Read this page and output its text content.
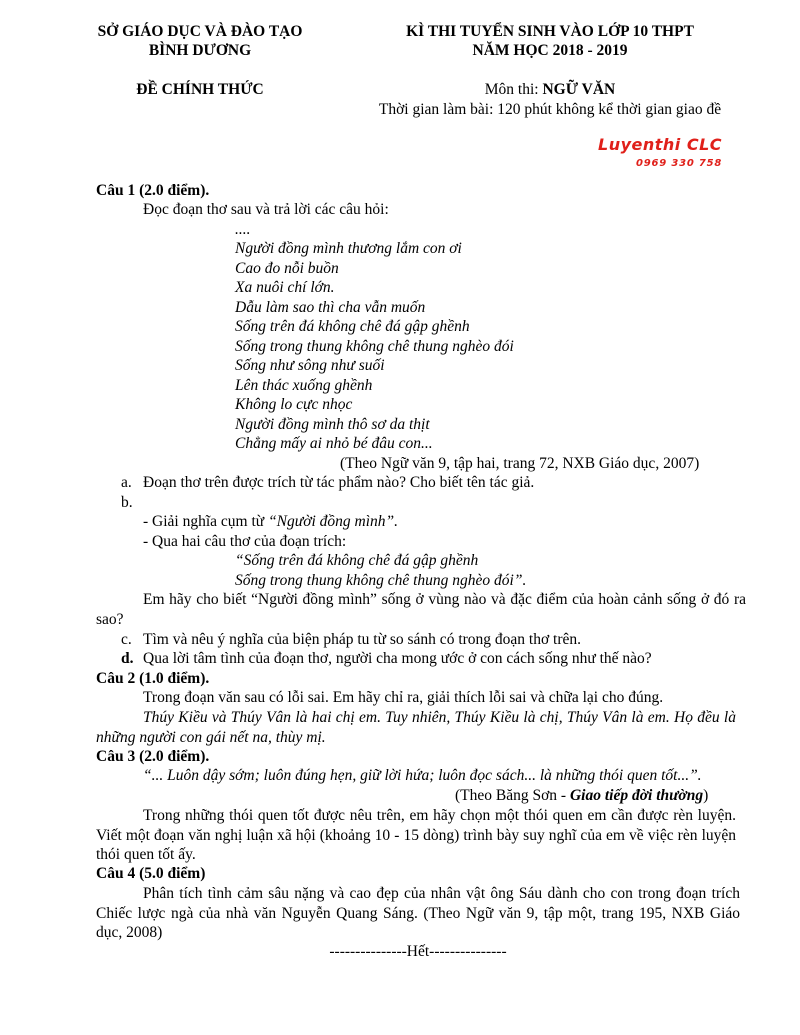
SỞ GIÁO DỤC VÀ ĐÀO TẠO
BÌNH DƯƠNG
KÌ THI TUYỂN SINH VÀO LỚP 10 THPT
NĂM HỌC 2018 - 2019
ĐỀ CHÍNH THỨC	Môn thi: NGỮ VĂN
Thời gian làm bài: 120 phút không kể thời gian giao đề
Luyenthi CLC
0969 330 758
Câu 1 (2.0 điểm).
Đọc đoạn thơ sau và trả lời các câu hỏi:
....
Người đồng mình thương lắm con ơi
Cao đo nỗi buồn
Xa nuôi chí lớn.
Dẫu làm sao thì cha vẫn muốn
Sống trên đá không chê đá gập ghềnh
Sống trong thung không chê thung nghèo đói
Sống như sông như suối
Lên thác xuống ghềnh
Không lo cực nhọc
Người đồng mình thô sơ da thịt
Chẳng mấy ai nhỏ bé đâu con...
(Theo Ngữ văn 9, tập hai, trang 72, NXB Giáo dục, 2007)
a. Đoạn thơ trên được trích từ tác phẩm nào? Cho biết tên tác giả.
b.
- Giải nghĩa cụm từ “Người đồng mình”.
- Qua hai câu thơ của đoạn trích:
“Sống trên đá không chê đá gập ghềnh
Sống trong thung không chê thung nghèo đói”.
Em hãy cho biết “Người đồng mình” sống ở vùng nào và đặc điểm của hoàn cảnh sống ở đó ra sao?
c. Tìm và nêu ý nghĩa của biện pháp tu từ so sánh có trong đoạn thơ trên.
d. Qua lời tâm tình của đoạn thơ, người cha mong ước ở con cách sống như thế nào?
Câu 2 (1.0 điểm).
Trong đoạn văn sau có lỗi sai. Em hãy chỉ ra, giải thích lỗi sai và chữa lại cho đúng.
Thúy Kiều và Thúy Vân là hai chị em. Tuy nhiên, Thúy Kiều là chị, Thúy Vân là em. Họ đều là những người con gái nết na, thùy mị.
Câu 3 (2.0 điểm).
“... Luôn dậy sớm; luôn đúng hẹn, giữ lời hứa; luôn đọc sách... là những thói quen tốt...”.
(Theo Băng Sơn - Giao tiếp đời thường)
Trong những thói quen tốt được nêu trên, em hãy chọn một thói quen em cần được rèn luyện. Viết một đoạn văn nghị luận xã hội (khoảng 10 - 15 dòng) trình bày suy nghĩ của em về việc rèn luyện thói quen tốt ấy.
Câu 4 (5.0 điểm)
Phân tích tình cảm sâu nặng và cao đẹp của nhân vật ông Sáu dành cho con trong đoạn trích Chiếc lược ngà của nhà văn Nguyễn Quang Sáng. (Theo Ngữ văn 9, tập một, trang 195, NXB Giáo dục, 2008)
---------------Hết---------------
